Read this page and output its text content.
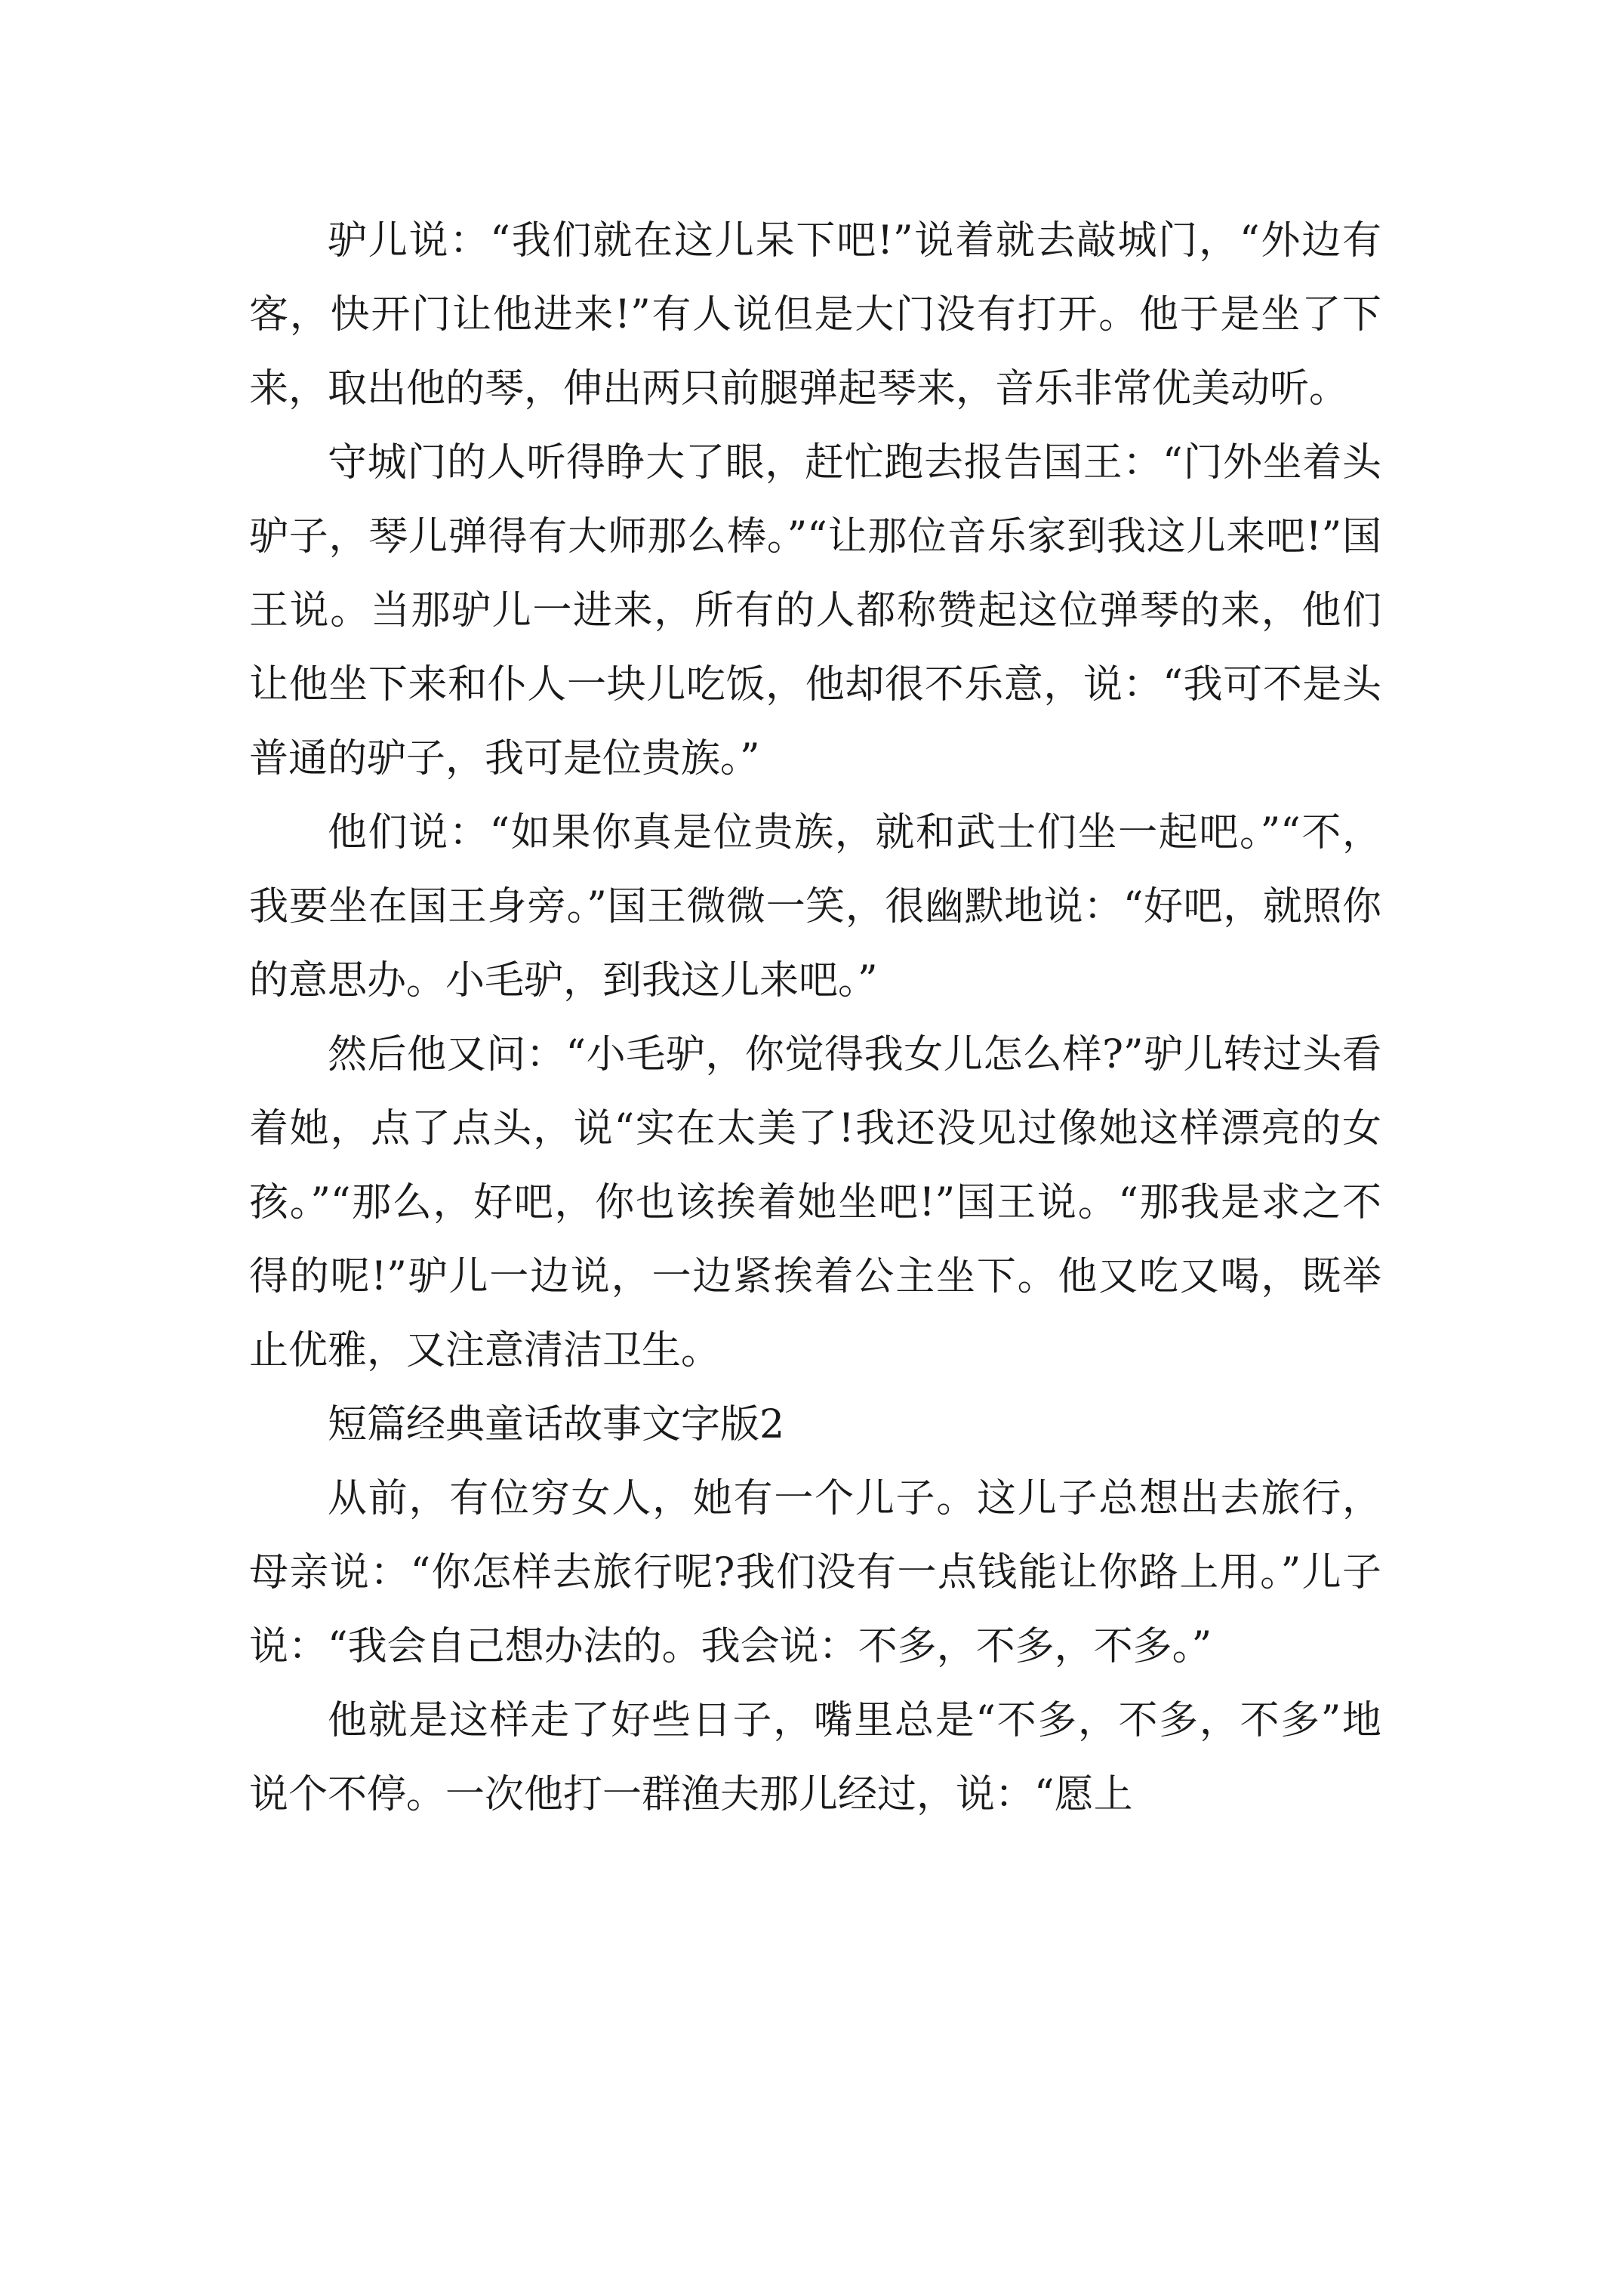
驴儿说：“我们就在这儿呆下吧!”说着就去敲城门，“外边有客，快开门让他进来!”有人说但是大门没有打开。他于是坐了下来，取出他的琴，伸出两只前腿弹起琴来，音乐非常优美动听。

守城门的人听得睁大了眼，赶忙跑去报告国王：“门外坐着头驴子，琴儿弹得有大师那么棒。”“让那位音乐家到我这儿来吧!”国王说。当那驴儿一进来，所有的人都称赞起这位弹琴的来，他们让他坐下来和仆人一块儿吃饭，他却很不乐意，说：“我可不是头普通的驴子，我可是位贵族。”

他们说：“如果你真是位贵族，就和武士们坐一起吧。”“不，我要坐在国王身旁。”国王微微一笑，很幽默地说：“好吧，就照你的意思办。小毛驴，到我这儿来吧。”

然后他又问：“小毛驴，你觉得我女儿怎么样?”驴儿转过头看着她，点了点头，说“实在太美了!我还没见过像她这样漂亮的女孩。”“那么，好吧，你也该挨着她坐吧!”国王说。“那我是求之不得的呢!”驴儿一边说，一边紧挨着公主坐下。他又吃又喝，既举止优雅，又注意清洁卫生。

短篇经典童话故事文字版2

从前，有位穷女人，她有一个儿子。这儿子总想出去旅行，母亲说：“你怎样去旅行呢?我们没有一点钱能让你路上用。”儿子说：“我会自己想办法的。我会说：不多，不多，不多。”

他就是这样走了好些日子，嘴里总是“不多，不多，不多”地说个不停。一次他打一群渔夫那儿经过，说：“愿上
